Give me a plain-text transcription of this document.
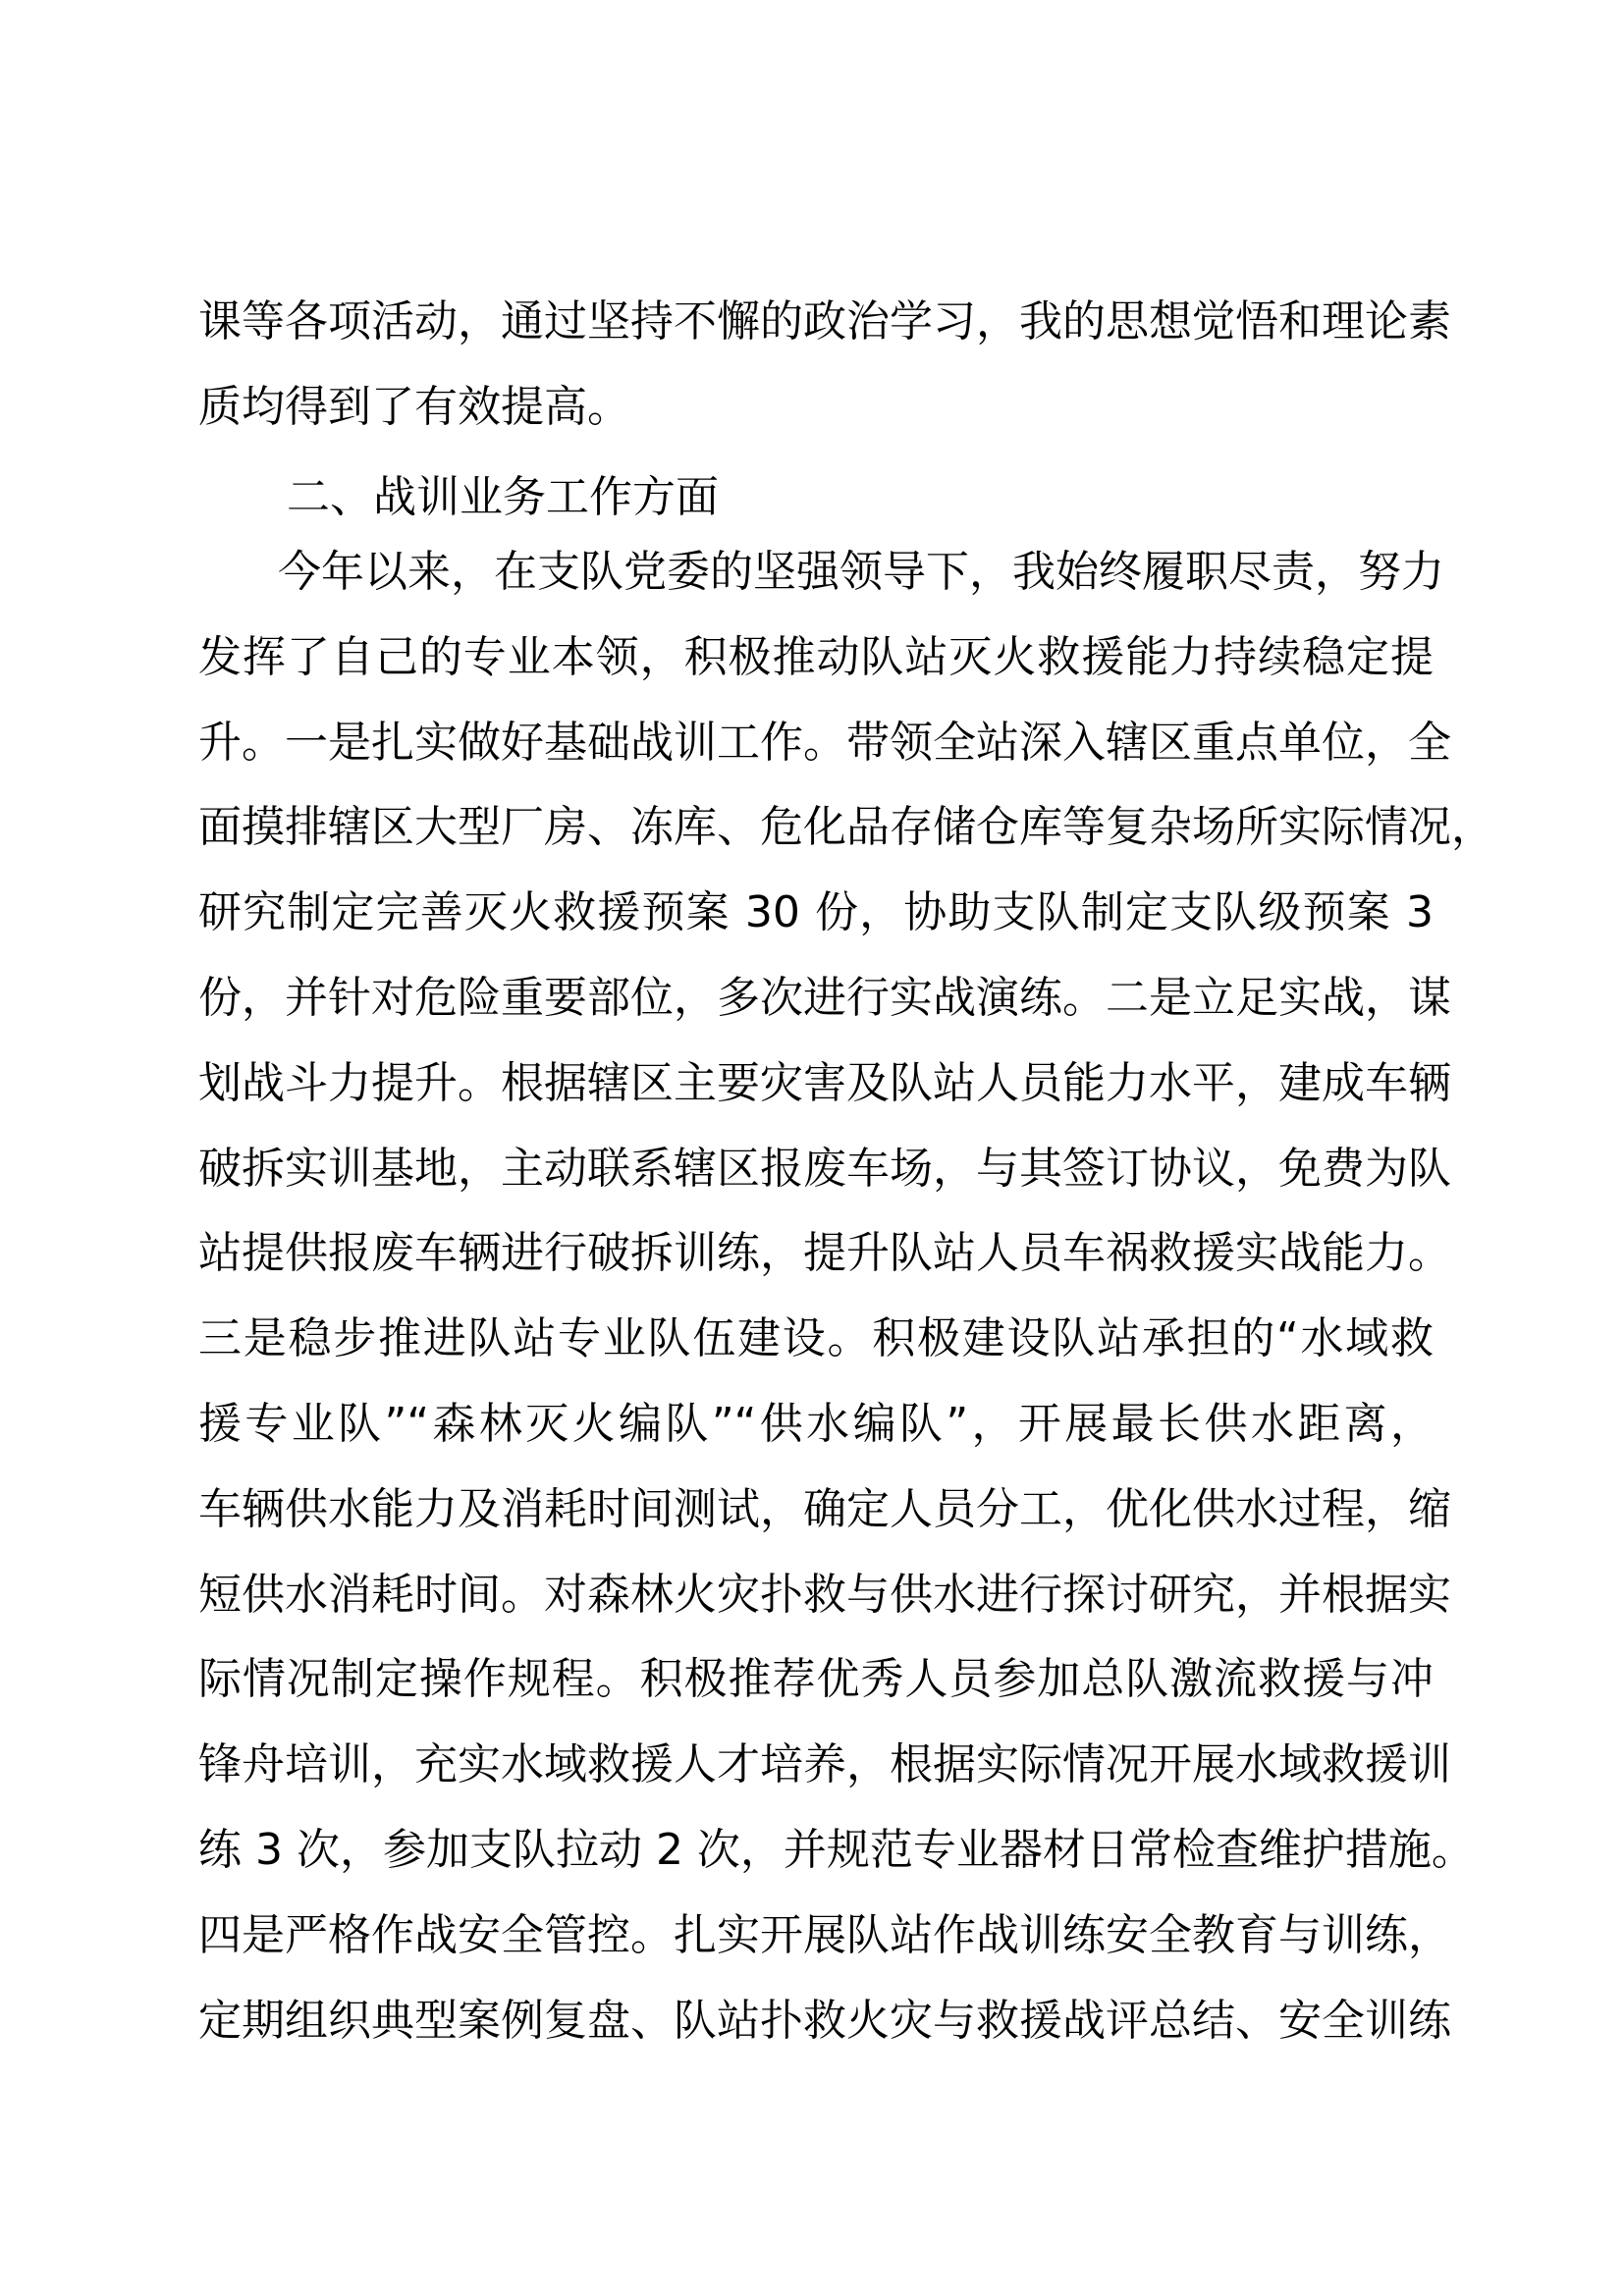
课等各项活动，通过坚持不懈的政治学习，我的思想觉悟和理论素
质均得到了有效提高。
二、战训业务工作方面
今年以来，在支队党委的坚强领导下，我始终履职尽责，努力
发挥了自己的专业本领，积极推动队站灭火救援能力持续稳定提
升。一是扎实做好基础战训工作。带领全站深入辖区重点单位，全
面摸排辖区大型厂房、冻库、危化品存储仓库等复杂场所实际情况，
研究制定完善灭火救援预案 30 份，协助支队制定支队级预案 3
份，并针对危险重要部位，多次进行实战演练。二是立足实战，谋
划战斗力提升。根据辖区主要灾害及队站人员能力水平，建成车辆
破拆实训基地，主动联系辖区报废车场，与其签订协议，免费为队
站提供报废车辆进行破拆训练，提升队站人员车祸救援实战能力。
三是稳步推进队站专业队伍建设。积极建设队站承担的“水域救
援专业队”“森林灭火编队”“供水编队”，开展最长供水距离，
车辆供水能力及消耗时间测试，确定人员分工，优化供水过程，缩
短供水消耗时间。对森林火灾扑救与供水进行探讨研究，并根据实
际情况制定操作规程。积极推荐优秀人员参加总队激流救援与冲
锋舟培训，充实水域救援人才培养，根据实际情况开展水域救援训
练 3 次，参加支队拉动 2 次，并规范专业器材日常检查维护措施。
四是严格作战安全管控。扎实开展队站作战训练安全教育与训练，
定期组织典型案例复盘、队站扑救火灾与救援战评总结、安全训练
